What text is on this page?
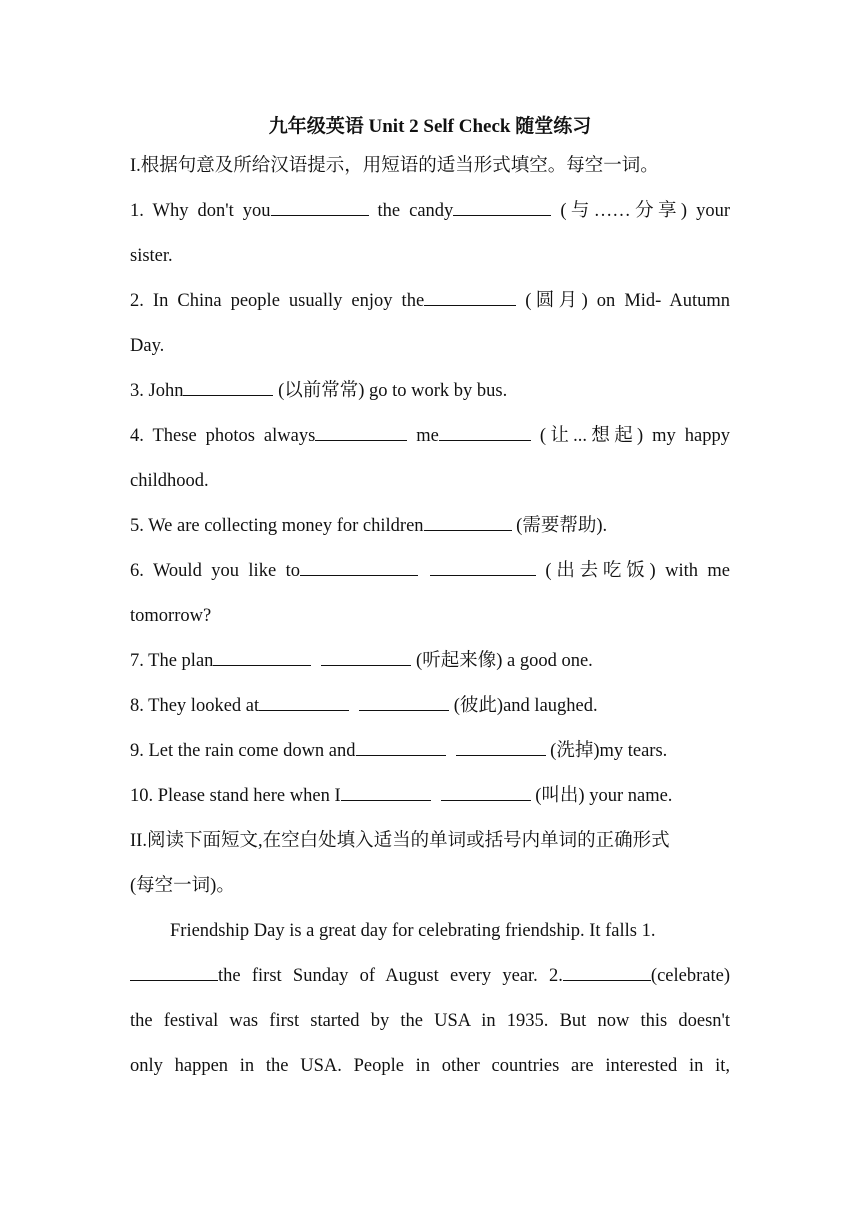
九年级英语 Unit 2 Self Check 随堂练习
I.根据句意及所给汉语提示，用短语的适当形式填空。每空一词。
1. Why don't you	the candy	(与……分享) your
sister.
2. In China people usually enjoy the	(圆月) on Mid- Autumn
Day.
3. John	(以前常常) go to work by bus.
4. These photos always	me	(让...想起) my happy
childhood.
5. We are collecting money for children	(需要帮助).
6. Would you like to	(出去吃饭) with me
tomorrow?
7. The plan	(听起来像) a good one.
8. They looked at	(彼此)and laughed.
9. Let the rain come down and	(洗掉)my tears.
10. Please stand here when I	(叫出) your name.
II.阅读下面短文,在空白处填入适当的单词或括号内单词的正确形式
(每空一词)。
Friendship Day is a great day for celebrating friendship. It falls 1.
the first Sunday of August every year. 2.	(celebrate)
the festival was first started by the USA in 1935. But now this doesn't
only happen in the USA. People in other countries are interested in it,
